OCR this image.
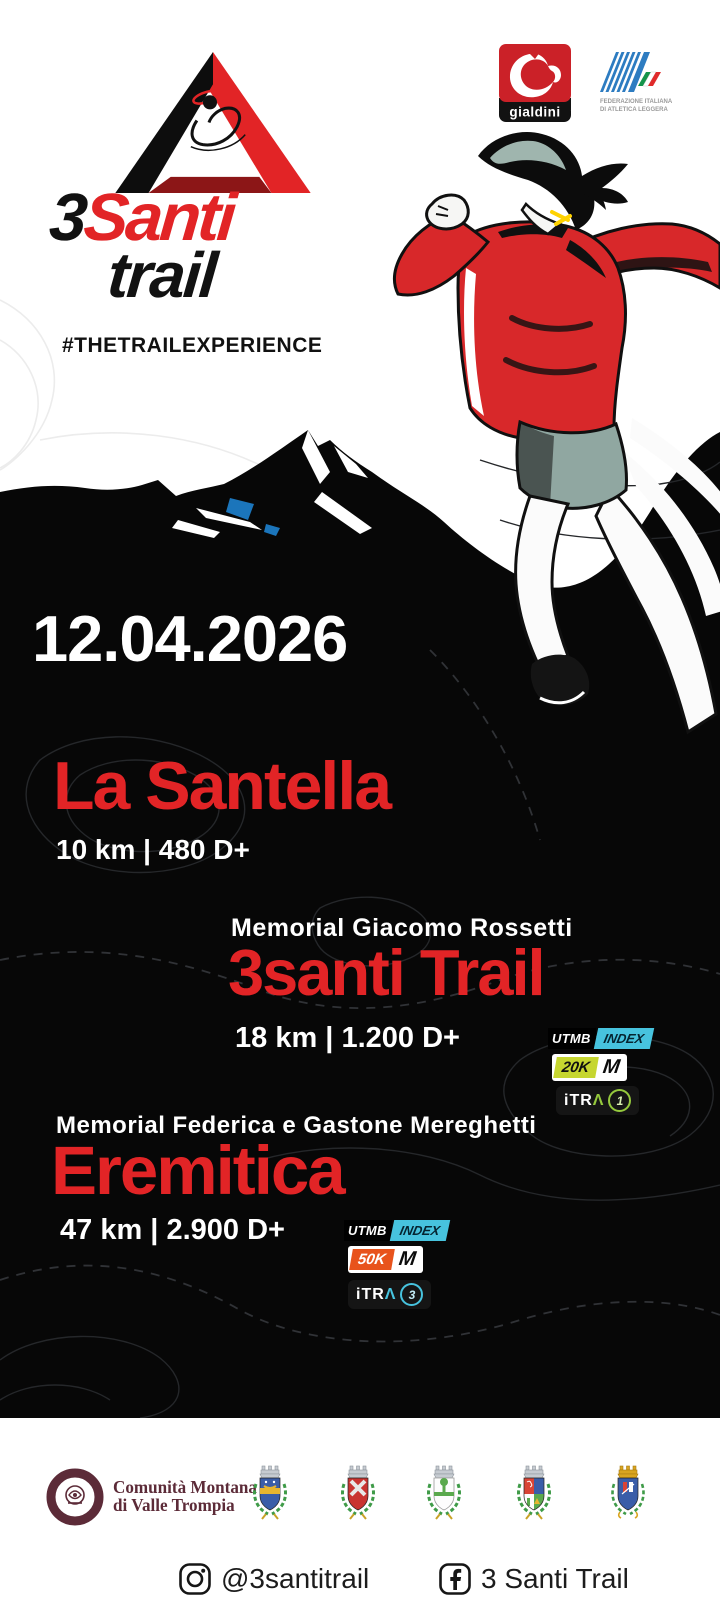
3Santi
trail
#THETRAILEXPERIENCE
gialdini
FEDERAZIONE ITALIANA
DI ATLETICA LEGGERA
12.04.2026
La Santella
10 km | 480 D+
Memorial Giacomo Rossetti
3santi Trail
18 km | 1.200 D+	UTMB INDEX
20K M
iTR Λ	1
Memorial Federica e Gastone Mereghetti
Eremitica
47 km | 2.900 D+	UTMB INDEX
50K M
iTR Λ	3
Comunità Montana
di Valle Trompia
@3santitrail	3 Santi Trail
